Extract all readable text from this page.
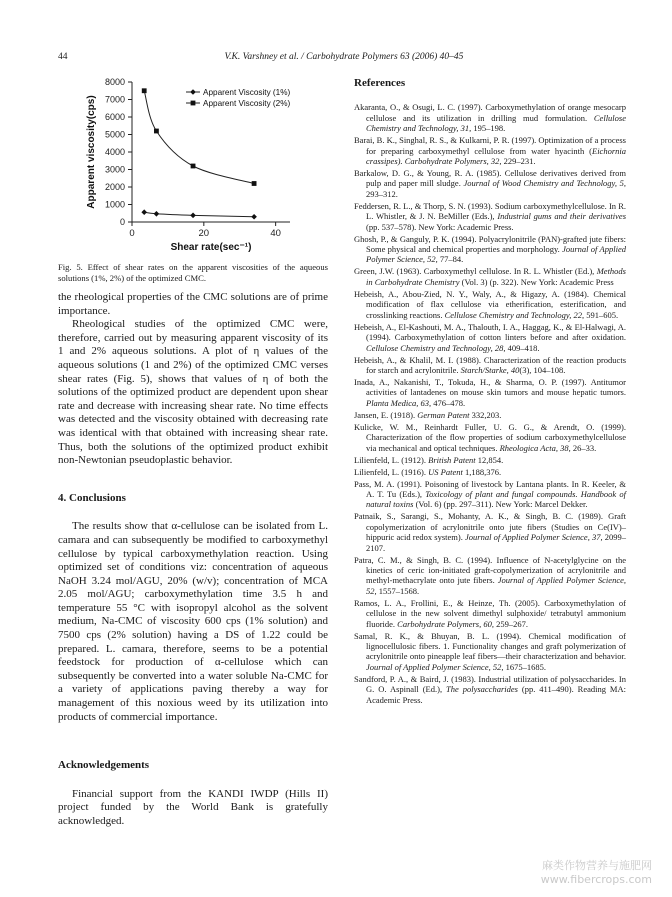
44	V.K. Varshney et al. / Carbohydrate Polymers 63 (2006) 40–45
0
1000
2000
3000
4000
5000
6000
7000
8000
0	20	40
Shear rate(sec⁻¹)
Apparent viscosity(cps)
Apparent Viscosity (1%)
Apparent Viscosity (2%)
Fig. 5. Effect of shear rates on the apparent viscosities of the aqueous solutions (1%, 2%) of the optimized CMC.

the rheological properties of the CMC solutions are of prime importance.

Rheological studies of the optimized CMC were, therefore, carried out by measuring apparent viscosity of its 1 and 2% aqueous solutions. A plot of η values of the aqueous solutions (1 and 2%) of the optimized CMC verses shear rates (Fig. 5), shows that values of η of both the solutions of the optimized product are dependent upon shear rate and decrease with increasing shear rate. No time effects was detected and the viscosity obtained with decreasing rate was identical with that obtained with increasing shear rate. Thus, both the solutions of the optimized product exhibit non-Newtonian pseudoplastic behavior.

4. Conclusions

The results show that α-cellulose can be isolated from L. camara and can subsequently be modified to carboxymethyl cellulose by typical carboxymethylation reaction. Using optimized set of conditions viz: concentration of aqueous NaOH 3.24 mol/AGU, 20% (w/v); concentration of MCA 2.05 mol/AGU; carboxymethylation time 3.5 h and temperature 55 °C with isopropyl alcohol as the solvent medium, Na-CMC of viscosity 600 cps (1% solution) and 7500 cps (2% solution) having a DS of 1.22 could be prepared. L. camara, therefore, seems to be a potential feedstock for production of α-cellulose which can subsequently be converted into a water soluble Na-CMC for a variety of applications paving thereby a way for management of this noxious weed by its utilization into products of commercial importance.

Acknowledgements

Financial support from the KANDI IWDP (Hills II) project funded by the World Bank is gratefully acknowledged.

References

Akaranta, O., & Osugi, L. C. (1997). Carboxymethylation of orange mesocarp cellulose and its utilization in drilling mud formulation. Cellulose Chemistry and Technology, 31, 195–198.

Barai, B. K., Singhal, R. S., & Kulkarni, P. R. (1997). Optimization of a process for preparing carboxymethyl cellulose from water hyacinth (Eichornia crassipes). Carbohydrate Polymers, 32, 229–231.

Barkalow, D. G., & Young, R. A. (1985). Cellulose derivatives derived from pulp and paper mill sludge. Journal of Wood Chemistry and Technology, 5, 293–312.

Feddersen, R. L., & Thorp, S. N. (1993). Sodium carboxymethylcellulose. In R. L. Whistler, & J. N. BeMiller (Eds.), Industrial gums and their derivatives (pp. 537–578). New York: Academic Press.

Ghosh, P., & Ganguly, P. K. (1994). Polyacrylonitrile (PAN)-grafted jute fibers: Some physical and chemical properties and morphology. Journal of Applied Polymer Science, 52, 77–84.

Green, J.W. (1963). Carboxymethyl cellulose. In R. L. Whistler (Ed.), Methods in Carbohydrate Chemistry (Vol. 3) (p. 322). New York: Academic Press

Hebeish, A., Abou-Zied, N. Y., Waly, A., & Higazy, A. (1984). Chemical modification of flax cellulose via etherification, esterification, and crosslinking reactions. Cellulose Chemistry and Technology, 22, 591–605.

Hebeish, A., El-Kashouti, M. A., Thalouth, I. A., Haggag, K., & El-Halwagi, A. (1994). Carboxymethylation of cotton linters before and after oxidation. Cellulose Chemistry and Technology, 28, 409–418.

Hebeish, A., & Khalil, M. I. (1988). Characterization of the reaction products for starch and acrylonitrile. Starch/Starke, 40(3), 104–108.

Inada, A., Nakanishi, T., Tokuda, H., & Sharma, O. P. (1997). Antitumor activities of lantadenes on mouse skin tumors and mouse hepatic tumors. Planta Medica, 63, 476–478.

Jansen, E. (1918). German Patent 332,203.

Kulicke, W. M., Reinhardt Fuller, U. G. G., & Arendt, O. (1999). Characterization of the flow properties of sodium carboxymethylcellulose via mechanical and optical techniques. Rheologica Acta, 38, 26–33.

Lilienfeld, L. (1912). British Patent 12,854.

Lilienfeld, L. (1916). US Patent 1,188,376.

Pass, M. A. (1991). Poisoning of livestock by Lantana plants. In R. Keeler, & A. T. Tu (Eds.), Toxicology of plant and fungal compounds. Handbook of natural toxins (Vol. 6) (pp. 297–311). New York: Marcel Dekker.

Patnaik, S., Sarangi, S., Mohanty, A. K., & Singh, B. C. (1989). Graft copolymerization of acrylonitrile onto jute fibers (Studies on Ce(IV)–hippuric acid redox system). Journal of Applied Polymer Science, 37, 2099–2107.

Patra, C. M., & Singh, B. C. (1994). Influence of N-acetylglycine on the kinetics of ceric ion-initiated graft-copolymerization of acrylonitrile and methyl-methacrylate onto jute fibers. Journal of Applied Polymer Science, 52, 1557–1568.

Ramos, L. A., Frollini, E., & Heinze, Th. (2005). Carboxymethylation of cellulose in the new solvent dimethyl sulphoxide/ tetrabutyl ammonium fluoride. Carbohydrate Polymers, 60, 259–267.

Samal, R. K., & Bhuyan, B. L. (1994). Chemical modification of lignocellulosic fibers. 1. Functionality changes and graft polymerization of acrylonitrile onto pineapple leaf fibers—their characterization and behavior. Journal of Applied Polymer Science, 52, 1675–1685.

Sandford, P. A., & Baird, J. (1983). Industrial utilization of polysaccharides. In G. O. Aspinall (Ed.), The polysaccharides (pp. 411–490). Reading MA: Academic Press.

麻类作物营养与施肥网
www.fibercrops.com
